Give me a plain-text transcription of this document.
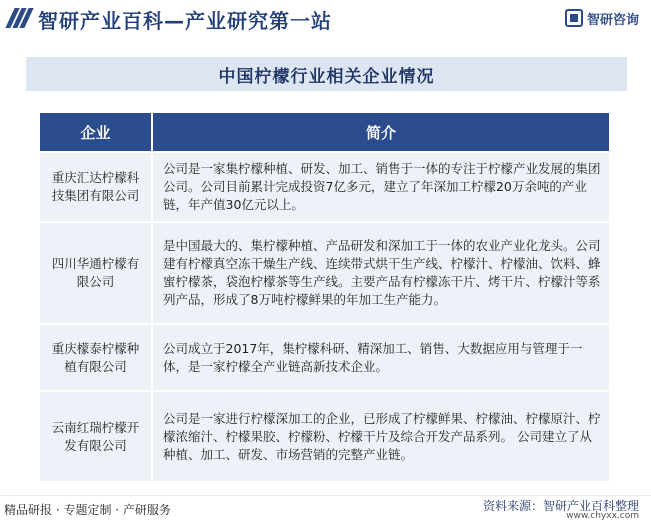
智研产业百科—产业研究第一站	智研咨询
中国柠檬行业相关企业情况
企业	简介
重庆汇达柠檬科技集团有限公司	公司是一家集柠檬种植、研发、加工、销售于一体的专注于柠檬产业发展的集团公司。公司目前累计完成投资7亿多元，建立了年深加工柠檬20万余吨的产业链，年产值30亿元以上。
四川华通柠檬有限公司	是中国最大的、集柠檬种植、产品研发和深加工于一体的农业产业化龙头。公司建有柠檬真空冻干燥生产线、连续带式烘干生产线、柠檬汁、柠檬油、饮料、蜂蜜柠檬茶，袋泡柠檬茶等生产线。主要产品有柠檬冻干片、烤干片、柠檬汁等系列产品，形成了8万吨柠檬鲜果的年加工生产能力。
重庆檬泰柠檬种植有限公司	公司成立于2017年，集柠檬科研、精深加工、销售、大数据应用与管理于一体，是一家柠檬全产业链高新技术企业。
云南红瑞柠檬开发有限公司	公司是一家进行柠檬深加工的企业，已形成了柠檬鲜果、柠檬油、柠檬原汁、柠檬浓缩汁、柠檬果胶、柠檬粉、柠檬干片及综合开发产品系列。 公司建立了从种植、加工、研发、市场营销的完整产业链。
精品研报 · 专题定制 · 产研服务	资料来源：智研产业百科整理
www.chyxx.com
